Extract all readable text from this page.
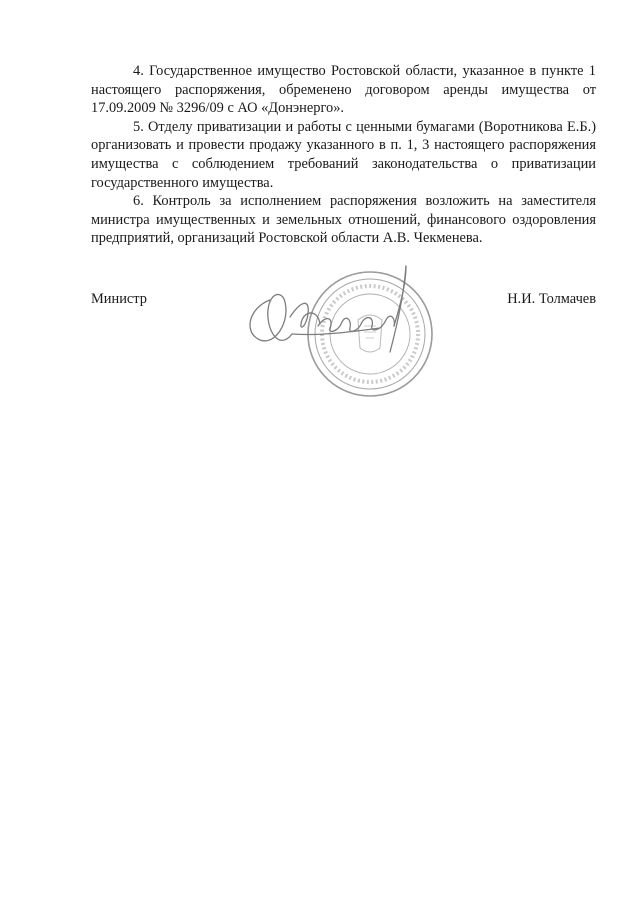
4. Государственное имущество Ростовской области, указанное в пункте 1 настоящего распоряжения, обременено договором аренды имущества от 17.09.2009 № 3296/09 с АО «Донэнерго».

5. Отделу приватизации и работы с ценными бумагами (Воротникова Е.Б.) организовать и провести продажу указанного в п. 1, 3 настоящего распоряжения имущества с соблюдением требований законодательства о приватизации государственного имущества.

6. Контроль за исполнением распоряжения возложить на заместителя министра имущественных и земельных отношений, финансового оздоровления предприятий, организаций Ростовской области А.В. Чекменева.

Министр	Н.И. Толмачев
